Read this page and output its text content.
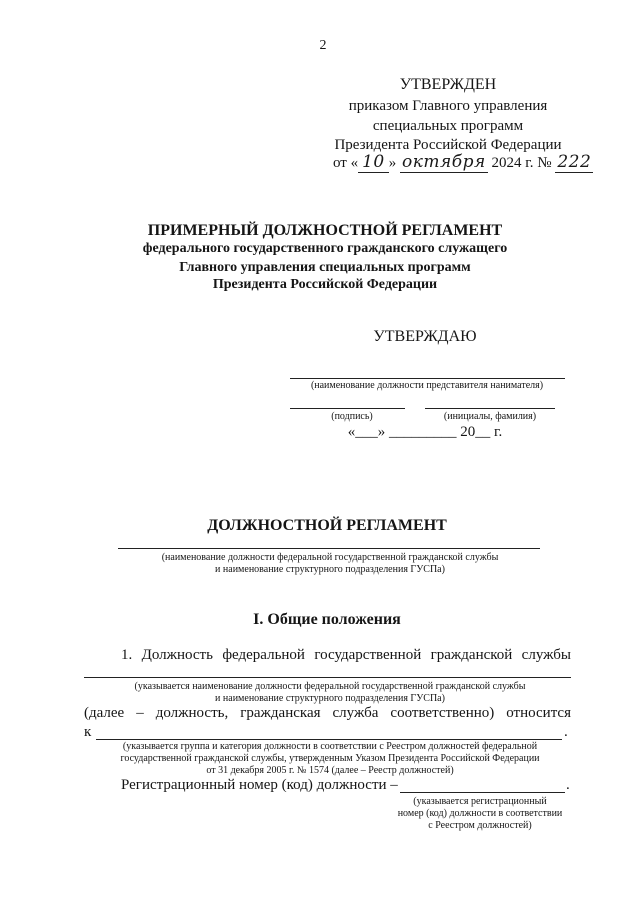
2
УТВЕРЖДЕН
приказом Главного управления
специальных программ
Президента Российской Федерации
от « 10 » октября 2024 г. № 222
ПРИМЕРНЫЙ ДОЛЖНОСТНОЙ РЕГЛАМЕНТ
федерального государственного гражданского служащего
Главного управления специальных программ
Президента Российской Федерации
УТВЕРЖДАЮ
(наименование должности представителя нанимателя)
(подпись)	(инициалы, фамилия)
«___» _________ 20__ г.
ДОЛЖНОСТНОЙ РЕГЛАМЕНТ
(наименование должности федеральной государственной гражданской службы
и наименование структурного подразделения ГУСПа)
I. Общие положения
1. Должность федеральной государственной гражданской службы
(указывается наименование должности федеральной государственной гражданской службы
и наименование структурного подразделения ГУСПа)
(далее – должность, гражданская служба соответственно) относится
к	.
(указывается группа и категория должности в соответствии с Реестром должностей федеральной
государственной гражданской службы, утвержденным Указом Президента Российской Федерации
от 31 декабря 2005 г. № 1574 (далее – Реестр должностей)
Регистрационный номер (код) должности –	.
(указывается регистрационный
номер (код) должности в соответствии
с Реестром должностей)
